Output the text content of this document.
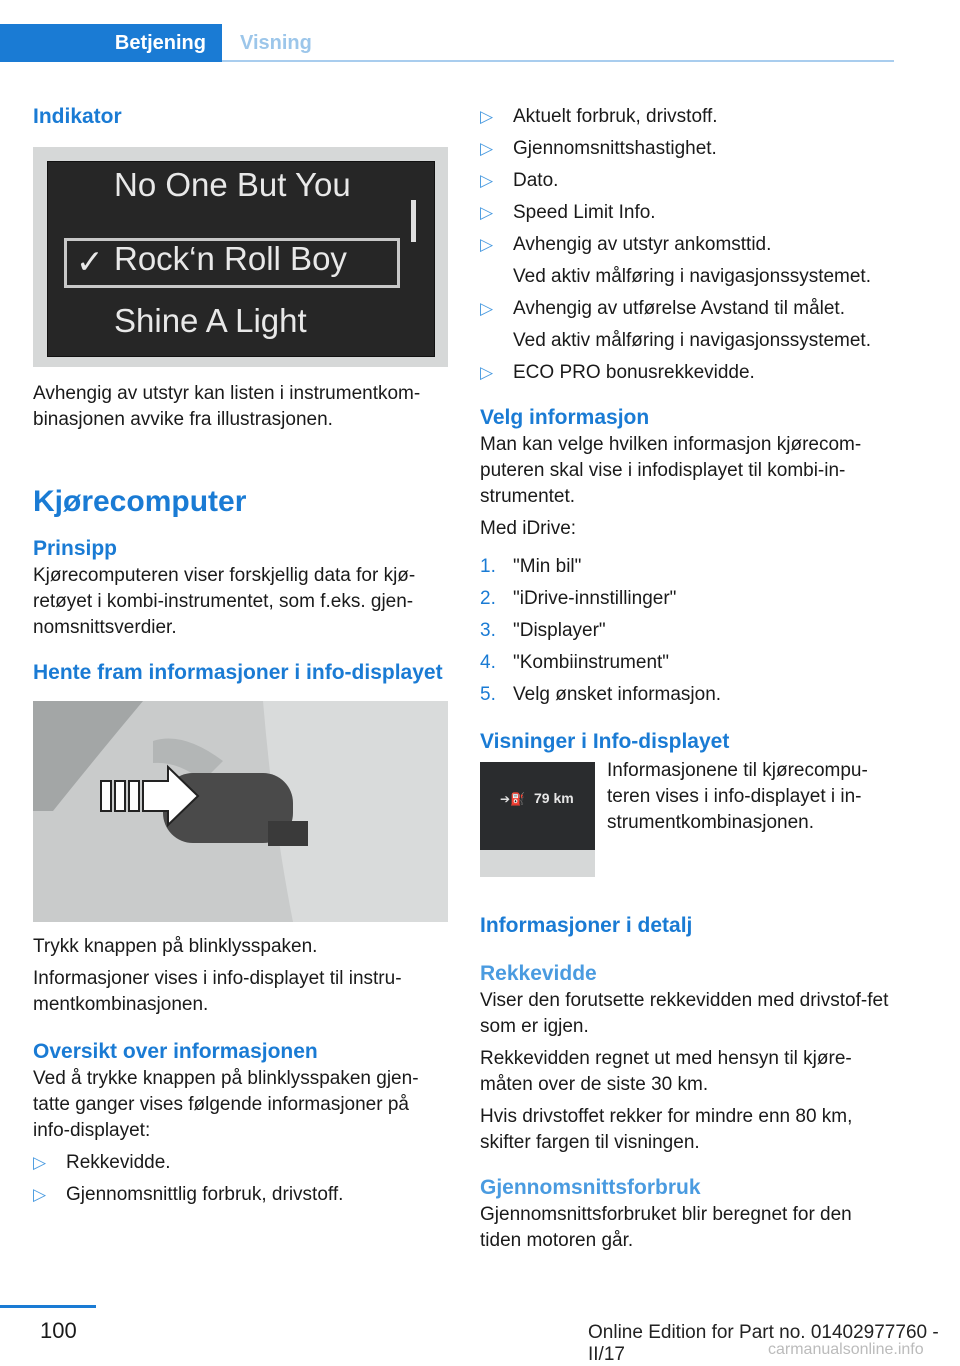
Betjening	Visning
Indikator
No One But You
✓ Rock‘n Roll Boy
Shine A Light
Avhengig av utstyr kan listen i instrumentkom-binasjonen avvike fra illustrasjonen.
Kjørecomputer
Prinsipp
Kjørecomputeren viser forskjellig data for kjø-retøyet i kombi-instrumentet, som f.eks. gjen-nomsnittsverdier.
Hente fram informasjoner i info-displayet
Trykk knappen på blinklysspaken.
Informasjoner vises i info-displayet til instru-mentkombinasjonen.
Oversikt over informasjonen
Ved å trykke knappen på blinklysspaken gjen-tatte ganger vises følgende informasjoner på info-displayet:
▷ Rekkevidde.
▷ Gjennomsnittlig forbruk, drivstoff.
▷ Aktuelt forbruk, drivstoff.
▷ Gjennomsnittshastighet.
▷ Dato.
▷ Speed Limit Info.
▷ Avhengig av utstyr ankomsttid.
Ved aktiv målføring i navigasjonssystemet.
▷ Avhengig av utførelse Avstand til målet.
Ved aktiv målføring i navigasjonssystemet.
▷ ECO PRO bonusrekkevidde.
Velg informasjon
Man kan velge hvilken informasjon kjørecom-puteren skal vise i infodisplayet til kombi-in-strumentet.
Med iDrive:
1. "Min bil"
2. "iDrive-innstillinger"
3. "Displayer"
4. "Kombiinstrument"
5. Velg ønsket informasjon.
Visninger i Info-displayet
➔⛽ 79 km
Informasjonene til kjørecompu-teren vises i info-displayet i in-strumentkombinasjonen.
Informasjoner i detalj
Rekkevidde
Viser den forutsette rekkevidden med drivstof-fet som er igjen.
Rekkevidden regnet ut med hensyn til kjøre-måten over de siste 30 km.
Hvis drivstoffet rekker for mindre enn 80 km, skifter fargen til visningen.
Gjennomsnittsforbruk
Gjennomsnittsforbruket blir beregnet for den tiden motoren går.
100	Online Edition for Part no. 01402977760 - II/17	carmanualsonline.info
